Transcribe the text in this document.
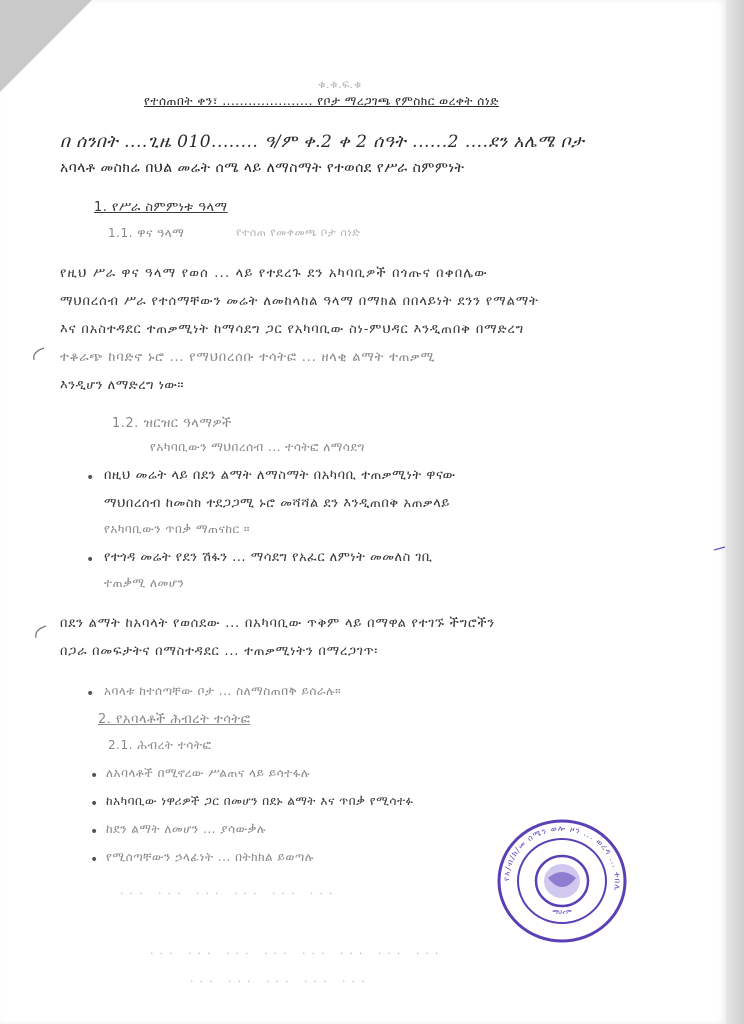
ቁ.ቁ.ፍ.ቁ
የተሰጠበት ቀን፣ ..................... የቦታ ማረጋገጫ የምስክር ወረቀት ሰነድ
በ ሰንበት ....ጊዜ 010........ ዓ/ም ቀ.2 ቀ 2 ሰዓት ......2 ....ደን አሌሜ ቦታ
አባላቶ መስክሬ በህል መሬት ሰሜ ላይ ለማስማት የተወሰደ የሥራ ስምምነት
1. የሥራ ስምምነቱ ዓላማ
1.1. ዋና ዓላማ	የተሰጠ የመቀመጫ ቦታ ሰነድ
የዚህ ሥራ ዋና ዓላማ የወሰ ... ላይ የተደረጉ ደን አካባቢዎች በጎጡና በቀበሌው
ማህበረሰብ ሥራ የተሰማቸውን መሬት ለመከላከል ዓላማ በማክል በበላይነት ደንን የማልማት
እና በአስተዳደር ተጠቃሚነት ከማሳደግ ጋር የአካባቢው ስነ-ምህዳር እንዲጠበቅ በማድረግ
ተቆራጭ ከባድኖ ኑሮ ... የማህበረሰቡ ተሳትፎ ... ዘላቂ ልማት ተጠቃሚ
እንዲሆን ለማድረግ ነው።
1.2. ዝርዝር ዓላማዎች
የአካባቢውን ማህበረሰብ ... ተሳትፎ ለማሳደግ
• በዚህ መሬት ላይ በደን ልማት ለማስማት በአካባቢ ተጠቃሚነት ዋናው
ማህበረሰብ ከመስክ ተደጋጋሚ ኑሮ መሻሻል ደን እንዲጠበቅ አጠቃላይ
የአካባቢውን ጥበቃ ማጠናከር ።
• የተጎዳ መሬት የደን ሽፋን ... ማሳደግ የአፈር ለምነት መመለስ ገቢ
ተጠቃሚ ለመሆን
በደን ልማት ከአባላት የወሰደው ... በአካባቢው ጥቅም ላይ በማዋል የተገኙ ችግሮችን
በጋራ በመፍታትና በማስተዳደር ... ተጠቃሚነትን በማረጋገጥ፡
• አባላቱ ከተሰጣቸው ቦታ ... ስለማስጠበቅ ይሰራሉ።
2. የአባላቶች ሕብረት ተሳትፎ
2.1. ሕብረት ተሳትፎ
• ለአባላቶች በሚኖረው ሥልጠና ላይ ይሳተፋሉ
• ከአካባቢው ነዋሪዎች ጋር በመሆን በደኑ ልማት እና ጥበቃ የሚሳተፉ
• ከደን ልማት ለመሆን ... ያሳውቃሉ
• የሚሰጣቸውን ኃላፊነት ... በትክክል ይወጣሉ
... ... ... ... ... ...
... ... ... ... ... ... ... ...
... ... ... ... ...
የአ/ብ/ክ/መ ሰሜን ወሎ ዞን ... ወረዳ ... ቀበሌ
ማህተም
